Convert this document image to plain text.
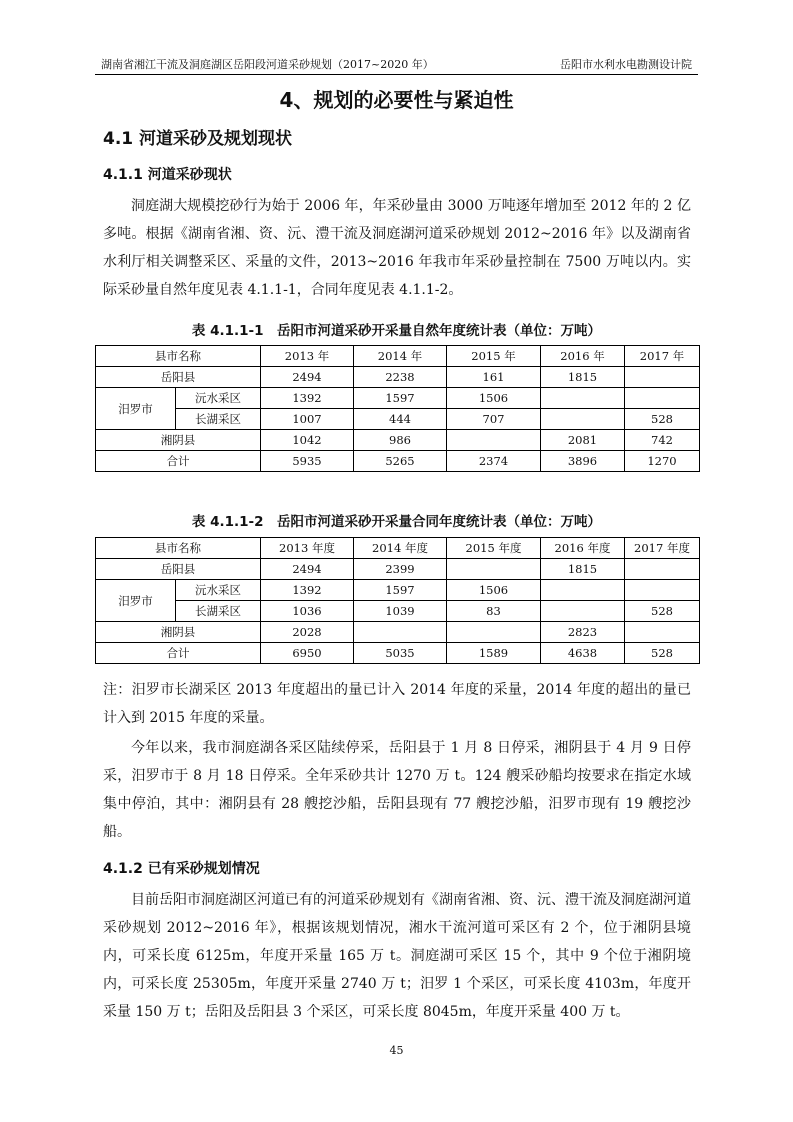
湖南省湘江干流及洞庭湖区岳阳段河道采砂规划（2017~2020 年）	岳阳市水利水电勘测设计院
4、规划的必要性与紧迫性
4.1 河道采砂及规划现状
4.1.1 河道采砂现状
洞庭湖大规模挖砂行为始于 2006 年，年采砂量由 3000 万吨逐年增加至 2012 年的 2 亿多吨。根据《湖南省湘、资、沅、澧干流及洞庭湖河道采砂规划 2012~2016 年》以及湖南省水利厅相关调整采区、采量的文件，2013~2016 年我市年采砂量控制在 7500 万吨以内。实际采砂量自然年度见表 4.1.1-1，合同年度见表 4.1.1-2。
表 4.1.1-1　岳阳市河道采砂开采量自然年度统计表（单位：万吨）
县市名称		2013 年	2014 年	2015 年	2016 年	2017 年
岳阳县		2494	2238	161	1815	
汨罗市	沅水采区	1392	1597	1506		
	长湖采区	1007	444	707		528
湘阴县		1042	986		2081	742
合计		5935	5265	2374	3896	1270
表 4.1.1-2　岳阳市河道采砂开采量合同年度统计表（单位：万吨）
县市名称		2013 年度	2014 年度	2015 年度	2016 年度	2017 年度
岳阳县		2494	2399		1815	
汨罗市	沅水采区	1392	1597	1506		
	长湖采区	1036	1039	83		528
湘阴县		2028			2823	
合计		6950	5035	1589	4638	528
注：汨罗市长湖采区 2013 年度超出的量已计入 2014 年度的采量，2014 年度的超出的量已计入到 2015 年度的采量。
今年以来，我市洞庭湖各采区陆续停采，岳阳县于 1 月 8 日停采，湘阴县于 4 月 9 日停采，汨罗市于 8 月 18 日停采。全年采砂共计 1270 万 t。124 艘采砂船均按要求在指定水域集中停泊，其中：湘阴县有 28 艘挖沙船，岳阳县现有 77 艘挖沙船，汨罗市现有 19 艘挖沙船。
4.1.2 已有采砂规划情况
目前岳阳市洞庭湖区河道已有的河道采砂规划有《湖南省湘、资、沅、澧干流及洞庭湖河道采砂规划 2012~2016 年》，根据该规划情况，湘水干流河道可采区有 2 个，位于湘阴县境内，可采长度 6125m，年度开采量 165 万 t。洞庭湖可采区 15 个，其中 9 个位于湘阴境内，可采长度 25305m，年度开采量 2740 万 t；汨罗 1 个采区，可采长度 4103m，年度开采量 150 万 t；岳阳及岳阳县 3 个采区，可采长度 8045m，年度开采量 400 万 t。
45
